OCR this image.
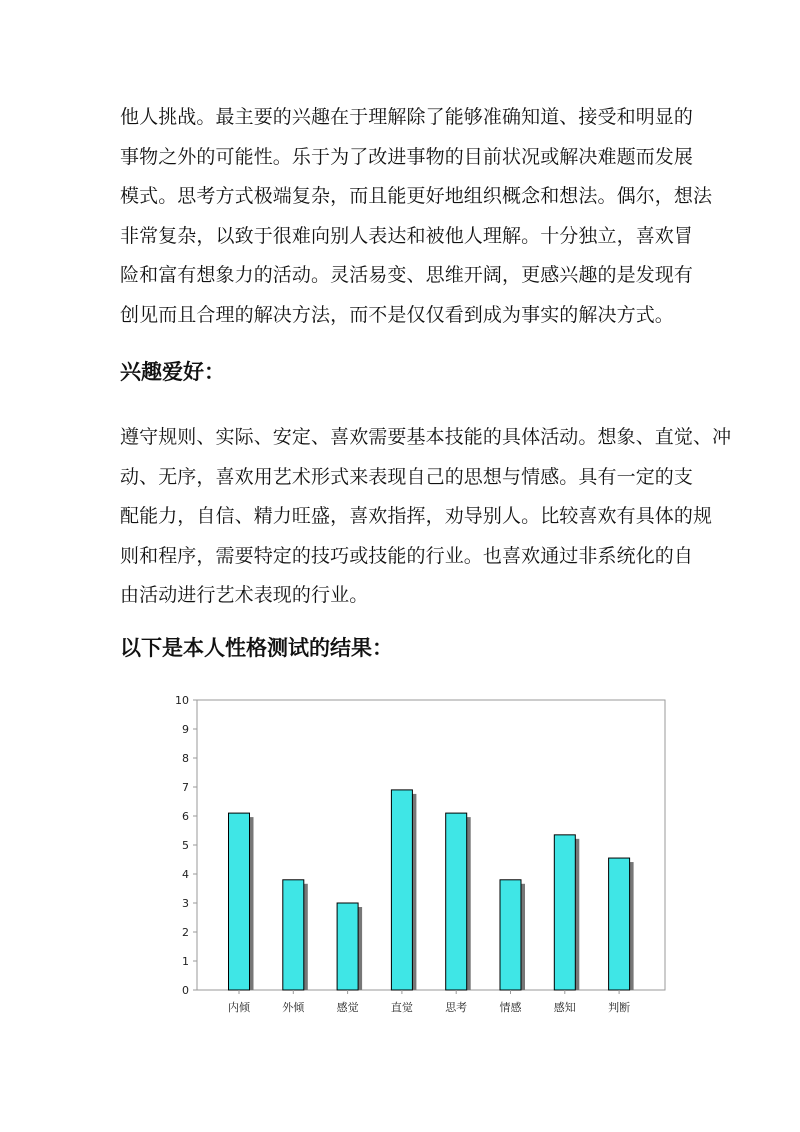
他人挑战。最主要的兴趣在于理解除了能够准确知道、接受和明显的
事物之外的可能性。乐于为了改进事物的目前状况或解决难题而发展
模式。思考方式极端复杂，而且能更好地组织概念和想法。偶尔，想法
非常复杂，以致于很难向别人表达和被他人理解。十分独立，喜欢冒
险和富有想象力的活动。灵活易变、思维开阔，更感兴趣的是发现有
创见而且合理的解决方法，而不是仅仅看到成为事实的解决方式。
兴趣爱好：
遵守规则、实际、安定、喜欢需要基本技能的具体活动。想象、直觉、冲
动、无序，喜欢用艺术形式来表现自己的思想与情感。具有一定的支
配能力，自信、精力旺盛，喜欢指挥，劝导别人。比较喜欢有具体的规
则和程序，需要特定的技巧或技能的行业。也喜欢通过非系统化的自
由活动进行艺术表现的行业。
以下是本人性格测试的结果：
0
1
2
3
4
5
6
7
8
9
10
内倾	外倾	感觉	直觉	思考	情感	感知	判断
